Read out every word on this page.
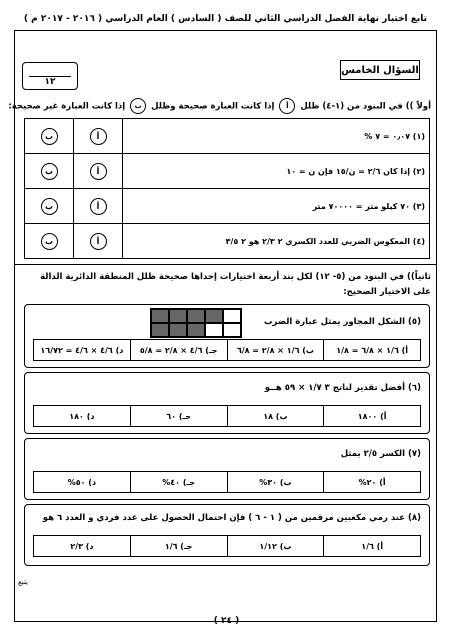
تابع اختبار نهاية الفصل الدراسي الثاني للصف ( السادس ) العام الدراسي ( ٢٠١٦ - ٢٠١٧ م )
السؤال الخامس
١٢
أولاً )) في البنود من (١-٤) ظلل أ إذا كانت العبارة صحيحة وظلل ب إذا كانت العبارة غير صحيحة:
(١) ٠٫٠٧ = ٧ %	أ	ب
(٢) إذا كان ٢/٦ = ن/١٥ فإن ن = ١٠	أ	ب
(٣) ٧٠ كيلو متر = ٧٠٠٠٠ متر	أ	ب
(٤) المعكوس الضربي للعدد الكسري ٢ ٢/٣ هو ٢ ٣/٥	أ	ب
ثانياً)) في البنود من (٥- ١٢) لكل بند أربعة اختيارات إحداها صحيحة ظلل المنطقة الدائرية الدالة على الاختيار الصحيح:
(٥) الشكل المجاور يمثل عبارة الضرب
أ) ١/٦ × ٦/٨ = ١/٨
ب) ١/٦ × ٢/٨ = ٦/٨
جـ) ٤/٦ × ٢/٨ = ٥/٨
د) ٤/٦ × ٤/٦ = ١٦/٧٢
(٦) أفضل تقدير لناتج ٣ ١/٧ × ٥٩ هــو
أ) ١٨٠٠
ب) ١٨
جـ) ٦٠
د) ١٨٠
(٧) الكسر ٢/٥ يمثل
أ) ٢٠%
ب) ٣٠%
جـ) ٤٠%
د) ٥٠%
(٨) عند رمي مكعبين مرقمين من ( ١ - ٦ ) فإن احتمال الحصول على عدد فردي و العدد ٦ هو
أ) ١/٦
ب) ١/١٢
جـ) ١/٦
د) ٢/٣
يتبع
( ٢٤ )
